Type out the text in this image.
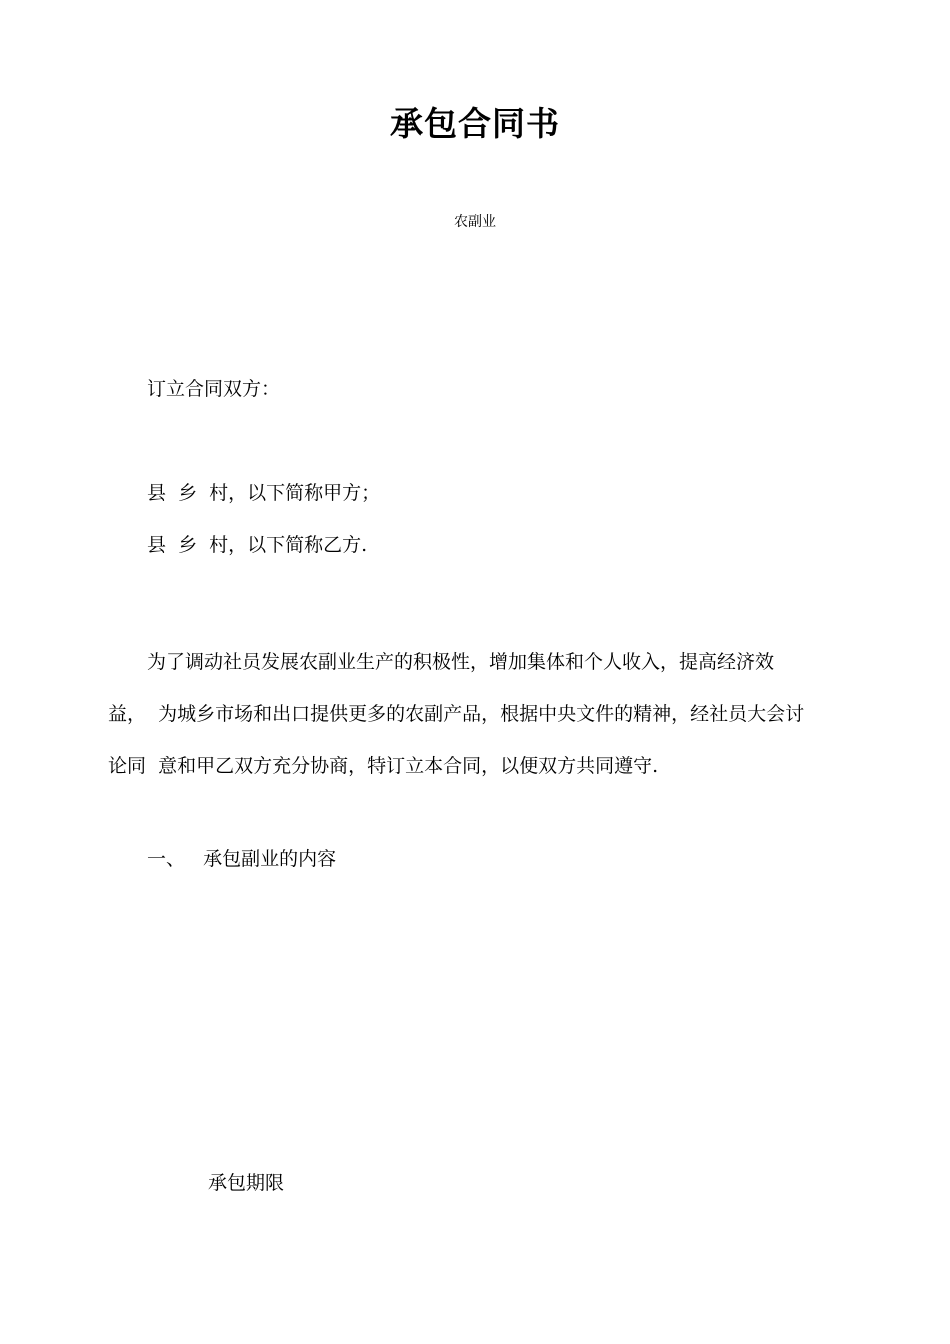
承包合同书
农副业
订立合同双方：
县  乡  村，以下简称甲方；
县  乡  村，以下简称乙方.
为了调动社员发展农副业生产的积极性，增加集体和个人收入，提高经济效
益，  为城乡市场和出口提供更多的农副产品，根据中央文件的精神，经社员大会讨
论同  意和甲乙双方充分协商，特订立本合同，以便双方共同遵守.
一、   承包副业的内容
承包期限
